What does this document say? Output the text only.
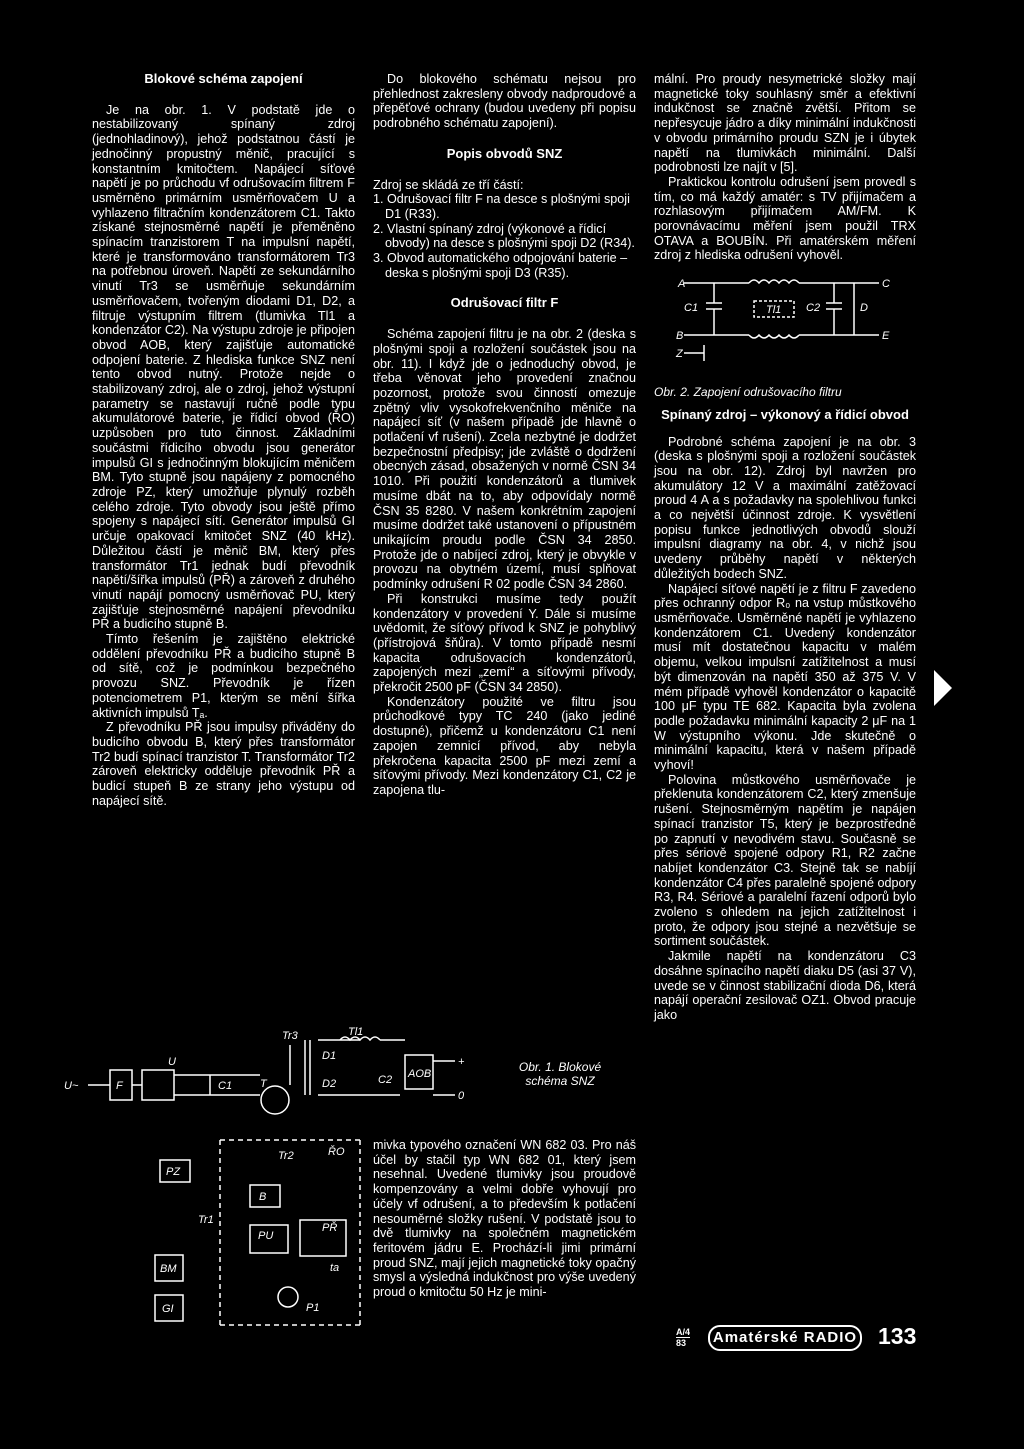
Blokové schéma zapojení

Je na obr. 1. V podstatě jde o nestabilizovaný spínaný zdroj (jednohladinový), jehož podstatnou částí je jednočinný propustný měnič, pracující s konstantním kmitočtem. Napájecí síťové napětí je po průchodu vf odrušovacím filtrem F usměrněno primárním usměrňovačem U a vyhlazeno filtračním kondenzátorem C1. Takto získané stejnosměrné napětí je přeměněno spínacím tranzistorem T na impulsní napětí, které je transformováno transformátorem Tr3 na potřebnou úroveň. Napětí ze sekundárního vinutí Tr3 se usměrňuje sekundárním usměrňovačem, tvořeným diodami D1, D2, a filtruje výstupním filtrem (tlumivka Tl1 a kondenzátor C2). Na výstupu zdroje je připojen obvod AOB, který zajišťuje automatické odpojení baterie. Z hlediska funkce SNZ není tento obvod nutný. Protože nejde o stabilizovaný zdroj, ale o zdroj, jehož výstupní parametry se nastavují ručně podle typu akumulátorové baterie, je řídicí obvod (ŘO) uzpůsoben pro tuto činnost. Základními součástmi řídicího obvodu jsou generátor impulsů GI s jednočinným blokujícím měničem BM. Tyto stupně jsou napájeny z pomocného zdroje PZ, který umožňuje plynulý rozběh celého zdroje. Tyto obvody jsou ještě přímo spojeny s napájecí sítí. Generátor impulsů GI určuje opakovací kmitočet SNZ (40 kHz). Důležitou částí je měnič BM, který přes transformátor Tr1 jednak budí převodník napětí/šířka impulsů (PŘ) a zároveň z druhého vinutí napájí pomocný usměrňovač PU, který zajišťuje stejnosměrné napájení převodníku PŘ a budicího stupně B.

Tímto řešením je zajištěno elektrické oddělení převodníku PŘ a budicího stupně B od sítě, což je podmínkou bezpečného provozu SNZ. Převodník je řízen potenciometrem P1, kterým se mění šířka aktivních impulsů Tₐ.

Z převodníku PŘ jsou impulsy přiváděny do budicího obvodu B, který přes transformátor Tr2 budí spínací tranzistor T. Transformátor Tr2 zároveň elektricky odděluje převodník PŘ a budicí stupeň B ze strany jeho výstupu od napájecí sítě.

Do blokového schématu nejsou pro přehlednost zakresleny obvody nadproudové a přepěťové ochrany (budou uvedeny při popisu podrobného schématu zapojení).

Popis obvodů SNZ

Zdroj se skládá ze tří částí:

1. Odrušovací filtr F na desce s plošnými spoji D1 (R33).
2. Vlastní spínaný zdroj (výkonové a řídicí obvody) na desce s plošnými spoji D2 (R34).
3. Obvod automatického odpojování baterie – deska s plošnými spoji D3 (R35).
Odrušovací filtr F

Schéma zapojení filtru je na obr. 2 (deska s plošnými spoji a rozložení součástek jsou na obr. 11). I když jde o jednoduchý obvod, je třeba věnovat jeho provedení značnou pozornost, protože svou činností omezuje zpětný vliv vysokofrekvenčního měniče na napájecí síť (v našem případě jde hlavně o potlačení vf rušení). Zcela nezbytné je dodržet bezpečnostní předpisy; jde zvláště o dodržení obecných zásad, obsažených v normě ČSN 34 1010. Při použití kondenzátorů a tlumivek musíme dbát na to, aby odpovídaly normě ČSN 35 8280. V našem konkrétním zapojení musíme dodržet také ustanovení o přípustném unikajícím proudu podle ČSN 34 2850. Protože jde o nabíjecí zdroj, který je obvykle v provozu na obytném území, musí splňovat podmínky odrušení R 02 podle ČSN 34 2860.

Při konstrukci musíme tedy použít kondenzátory v provedení Y. Dále si musíme uvědomit, že síťový přívod k SNZ je pohyblivý (přístrojová šňůra). V tomto případě nesmí kapacita odrušovacích kondenzátorů, zapojených mezi „zemí“ a síťovými přívody, překročit 2500 pF (ČSN 34 2850).

Kondenzátory použité ve filtru jsou průchodkové typy TC 240 (jako jediné dostupné), přičemž u kondenzátoru C1 není zapojen zemnicí přívod, aby nebyla překročena kapacita 2500 pF mezi zemí a síťovými přívody. Mezi kondenzátory C1, C2 je zapojena tlu-

mivka typového označení WN 682 03. Pro náš účel by stačil typ WN 682 01, který jsem nesehnal. Uvedené tlumivky jsou proudově kompenzovány a velmi dobře vyhovují pro účely vf odrušení, a to především k potlačení nesouměrné složky rušení. V podstatě jsou to dvě tlumivky na společném magnetickém feritovém jádru E. Prochází-li jimi primární proud SNZ, mají jejich magnetické toky opačný smysl a výsledná indukčnost pro výše uvedený proud o kmitočtu 50 Hz je mini-

mální. Pro proudy nesymetrické složky mají magnetické toky souhlasný směr a efektivní indukčnost se značně zvětší. Přitom se nepřesycuje jádro a díky minimální indukčnosti v obvodu primárního proudu SZN je i úbytek napětí na tlumivkách minimální. Další podrobnosti lze najít v [5].

Praktickou kontrolu odrušení jsem provedl s tím, co má každý amatér: s TV přijímačem a rozhlasovým přijímačem AM/FM. K porovnávacímu měření jsem použil TRX OTAVA a BOUBÍN. Při amatérském měření zdroj z hlediska odrušení vyhověl.

A	C
C1	Tl1 C2	D
B	E
Z
Obr. 2. Zapojení odrušovacího filtru
Spínaný zdroj – výkonový a řídicí obvod

Podrobné schéma zapojení je na obr. 3 (deska s plošnými spoji a rozložení součástek jsou na obr. 12). Zdroj byl navržen pro akumulátory 12 V a maximální zatěžovací proud 4 A a s požadavky na spolehlivou funkci a co největší účinnost zdroje. K vysvětlení popisu funkce jednotlivých obvodů slouží impulsní diagramy na obr. 4, v nichž jsou uvedeny průběhy napětí v některých důležitých bodech SNZ.

Napájecí síťové napětí je z filtru F zavedeno přes ochranný odpor R₀ na vstup můstkového usměrňovače. Usměrněné napětí je vyhlazeno kondenzátorem C1. Uvedený kondenzátor musí mít dostatečnou kapacitu v malém objemu, velkou impulsní zatížitelnost a musí být dimenzován na napětí 350 až 375 V. V mém případě vyhověl kondenzátor o kapacitě 100 μF typu TE 682. Kapacita byla zvolena podle požadavku minimální kapacity 2 μF na 1 W výstupního výkonu. Jde skutečně o minimální kapacitu, která v našem případě vyhoví!

Polovina můstkového usměrňovače je překlenuta kondenzátorem C2, který zmenšuje rušení. Stejnosměrným napětím je napájen spínací tranzistor T5, který je bezprostředně po zapnutí v nevodivém stavu. Současně se přes sériově spojené odpory R1, R2 začne nabíjet kondenzátor C3. Stejně tak se nabíjí kondenzátor C4 přes paralelně spojené odpory R3, R4. Sériové a paralelní řazení odporů bylo zvoleno s ohledem na jejich zatížitelnost i proto, že odpory jsou stejné a nezvětšuje se sortiment součástek.

Jakmile napětí na kondenzátoru C3 dosáhne spínacího napětí diaku D5 (asi 37 V), uvede se v činnost stabilizační dioda D6, která napájí operační zesilovač OZ1. Obvod pracuje jako

U~	F
U
C1	T
Tr3
D1
D2
Tl1
C2 AOB
+
0
Tr2	ŘO
PZ
B
Tr1
PU
PŘ
BM
GI	P1
ta
Obr. 1. Blokové schéma SNZ
A/4
83	Amatérské RADIO 133
